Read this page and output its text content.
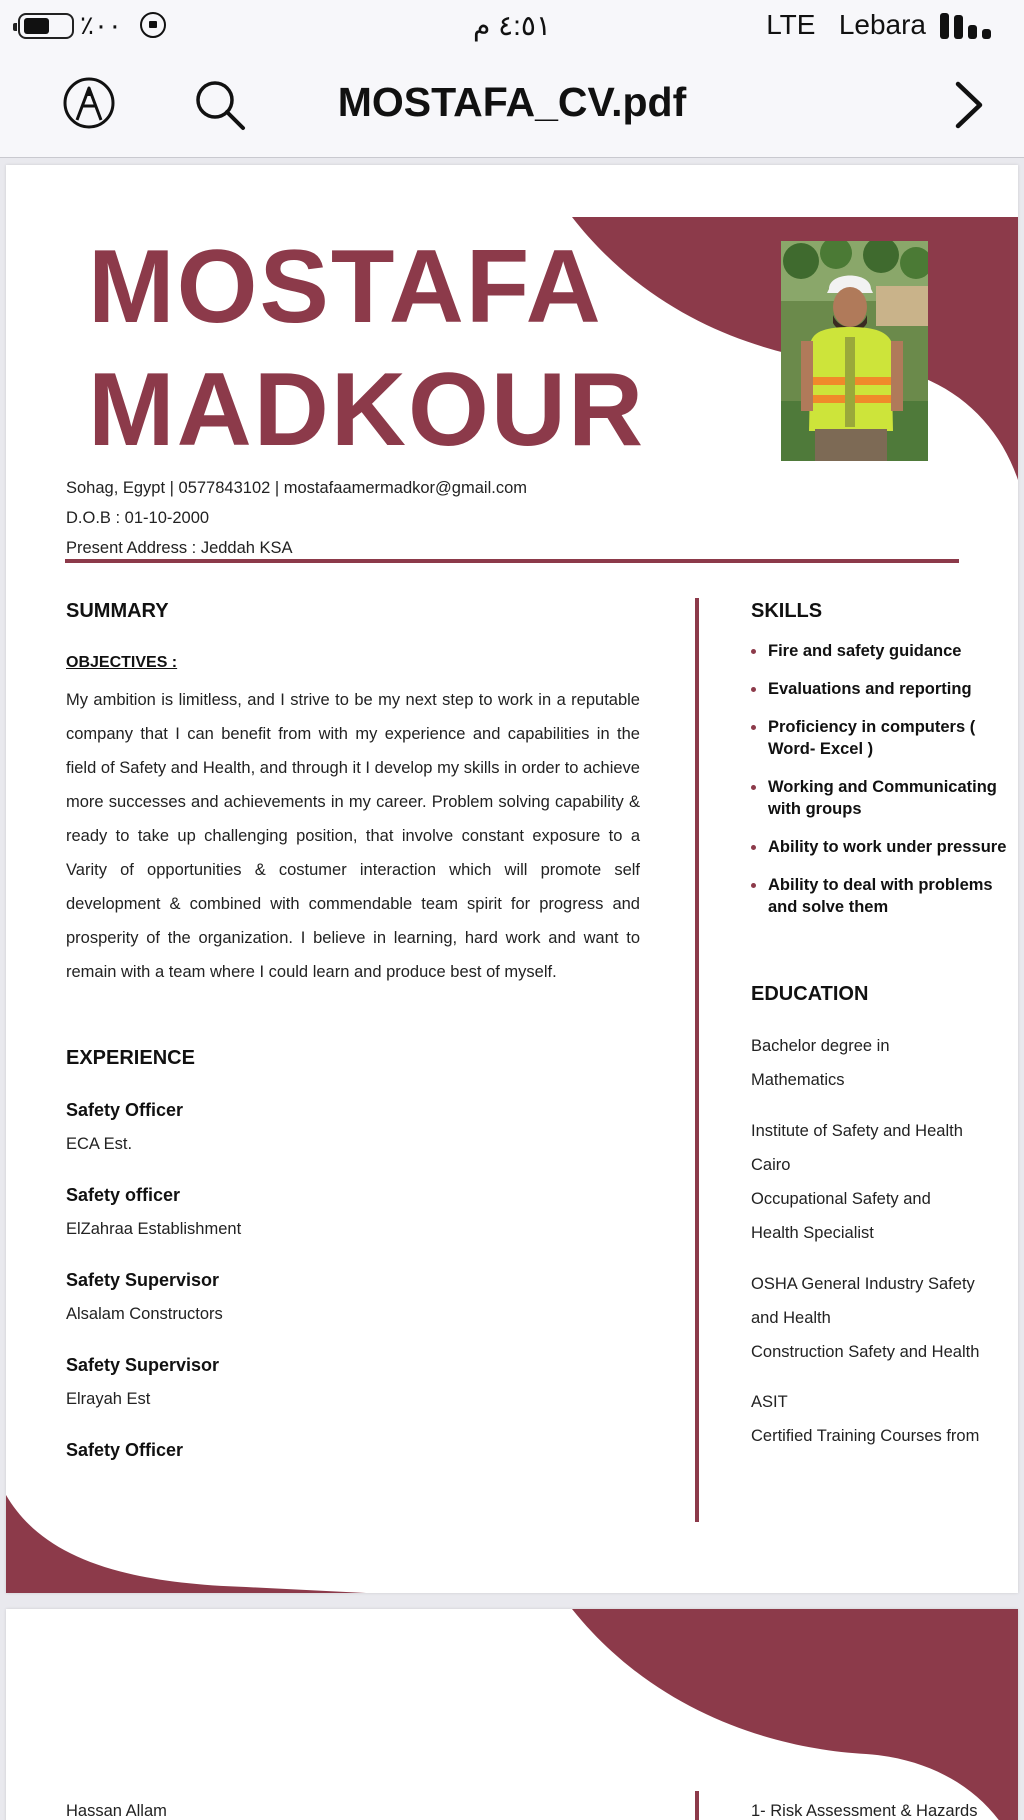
٪۰۰	٤:٥١ م	LTE Lebara
MOSTAFA_CV.pdf
MOSTAFA
MADKOUR
Sohag, Egypt | 0577843102 | mostafaamermadkor@gmail.com
D.O.B : 01-10-2000
Present Address : Jeddah KSA
SUMMARY
OBJECTIVES :
My ambition is limitless, and I strive to be my next step to work in a reputable company that I can benefit from with my experience and capabilities in the field of Safety and Health, and through it I develop my skills in order to achieve more successes and achievements in my career. Problem solving capability & ready to take up challenging position, that involve constant exposure to a Varity of opportunities & costumer interaction which will promote self development & combined with commendable team spirit for progress and prosperity of the organization. I believe in learning, hard work and want to remain with a team where I could learn and produce best of myself.
EXPERIENCE
Safety Officer
ECA Est.
Safety officer
ElZahraa Establishment
Safety Supervisor
Alsalam Constructors
Safety Supervisor
Elrayah Est
Safety Officer
SKILLS
Fire and safety guidance
Evaluations and reporting
Proficiency in computers ( Word- Excel )
Working and Communicating with groups
Ability to work under pressure
Ability to deal with problems and solve them
EDUCATION
Bachelor degree in
Mathematics
Institute of Safety and Health
Cairo
Occupational Safety and
Health Specialist
OSHA General Industry Safety
and Health
Construction Safety and Health
ASIT
Certified Training Courses from
Hassan Allam	1- Risk Assessment & Hazards
